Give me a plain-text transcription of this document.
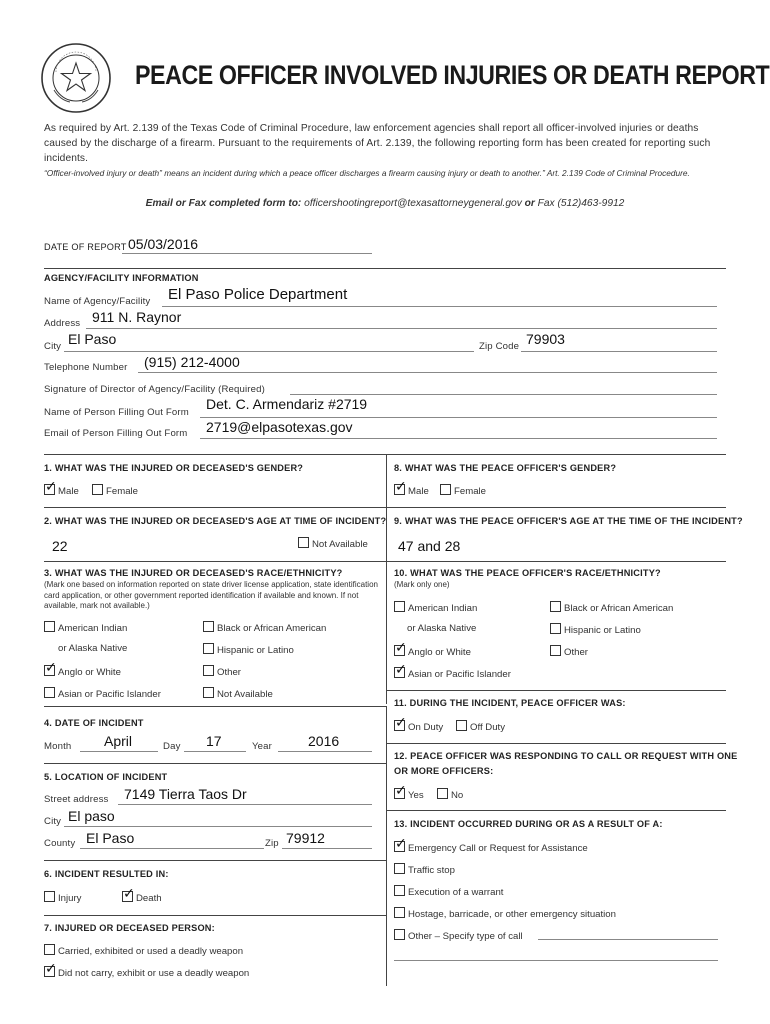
PEACE OFFICER INVOLVED INJURIES OR DEATH REPORT
As required by Art. 2.139 of the Texas Code of Criminal Procedure, law enforcement agencies shall report all officer-involved injuries or deaths caused by the discharge of a firearm. Pursuant to the requirements of Art. 2.139, the following reporting form has been created for reporting such incidents.
“Officer-involved injury or death” means an incident during which a peace officer discharges a firearm causing injury or death to another.” Art. 2.139 Code of Criminal Procedure.
Email or Fax completed form to: officershootingreport@texasattorneygeneral.gov or Fax (512)463-9912
DATE OF REPORT 05/03/2016
AGENCY/FACILITY INFORMATION
Name of Agency/Facility El Paso Police Department
Address 911 N. Raynor
City El Paso	Zip Code 79903
Telephone Number (915) 212-4000
Signature of Director of Agency/Facility (Required)
Name of Person Filling Out Form
Det. C. Armendariz #2719
Email of Person Filling Out Form 2719@elpasotexas.gov
1. WHAT WAS THE INJURED OR DECEASED'S GENDER?
✓Male	Female
8. WHAT WAS THE PEACE OFFICER'S GENDER?
✓Male	Female
2. WHAT WAS THE INJURED OR DECEASED'S AGE AT TIME OF INCIDENT?
Not Available
22
9. WHAT WAS THE PEACE OFFICER'S AGE AT THE TIME OF THE INCIDENT?
47 and 28
3. WHAT WAS THE INJURED OR DECEASED'S RACE/ETHNICITY?
(Mark one based on information reported on state driver license application, state identification card application, or other government reported identification if available and known. If not available, mark not available.)
American Indian
or Alaska Native
✓Anglo or White
Asian or Pacific Islander
Black or African American
Hispanic or Latino
Other
Not Available
10. WHAT WAS THE PEACE OFFICER'S RACE/ETHNICITY?
(Mark only one)
American Indian
or Alaska Native
✓Anglo or White
✓Asian or Pacific Islander
Black or African American
Hispanic or Latino
Other
11. DURING THE INCIDENT, PEACE OFFICER WAS:
✓On Duty	Off Duty
4. DATE OF INCIDENT
Month April	Day 17	Year	2016
12. PEACE OFFICER WAS RESPONDING TO CALL OR REQUEST WITH ONE
OR MORE OFFICERS:
✓Yes	No
5. LOCATION OF INCIDENT
Street address 7149 Tierra Taos Dr
City El paso
County El Paso	Zip 79912
13. INCIDENT OCCURRED DURING OR AS A RESULT OF A:
✓Emergency Call or Request for Assistance
Traffic stop
Execution of a warrant
Hostage, barricade, or other emergency situation
Other – Specify type of call
6. INCIDENT RESULTED IN:
Injury
✓	Death
7. INJURED OR DECEASED PERSON:
Carried, exhibited or used a deadly weapon
✓Did not carry, exhibit or use a deadly weapon
